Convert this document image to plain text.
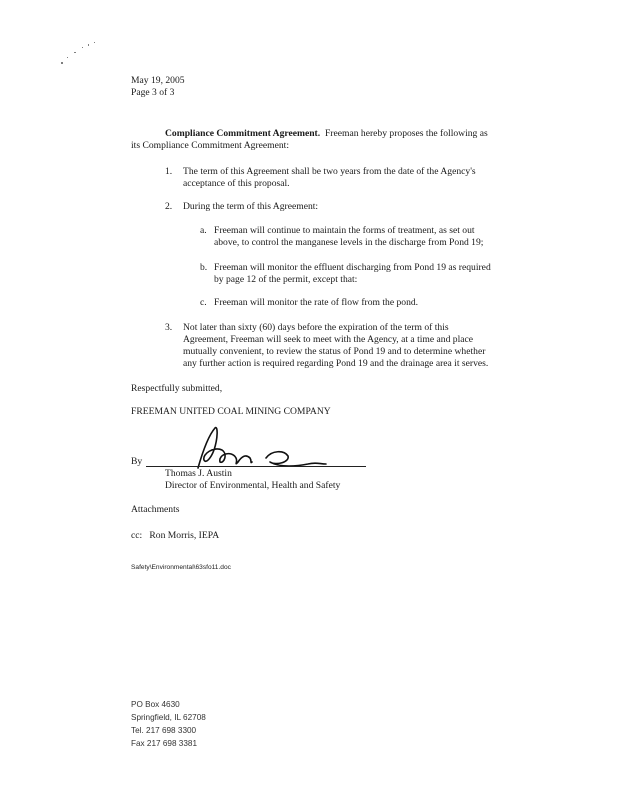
May 19, 2005
Page 3 of 3
Compliance Commitment Agreement. Freeman hereby proposes the following as
its Compliance Commitment Agreement:
1. The term of this Agreement shall be two years from the date of the Agency's
acceptance of this proposal.
2. During the term of this Agreement:
a. Freeman will continue to maintain the forms of treatment, as set out
above, to control the manganese levels in the discharge from Pond 19;
b. Freeman will monitor the effluent discharging from Pond 19 as required
by page 12 of the permit, except that:
c. Freeman will monitor the rate of flow from the pond.
3. Not later than sixty (60) days before the expiration of the term of this
Agreement, Freeman will seek to meet with the Agency, at a time and place
mutually convenient, to review the status of Pond 19 and to determine whether
any further action is required regarding Pond 19 and the drainage area it serves.
Respectfully submitted,
FREEMAN UNITED COAL MINING COMPANY
By
Thomas J. Austin
Director of Environmental, Health and Safety
Attachments
cc:   Ron Morris, IEPA
Safety\Environmental\63sfo11.doc
PO Box 4630
Springfield, IL 62708
Tel. 217 698 3300
Fax 217 698 3381
